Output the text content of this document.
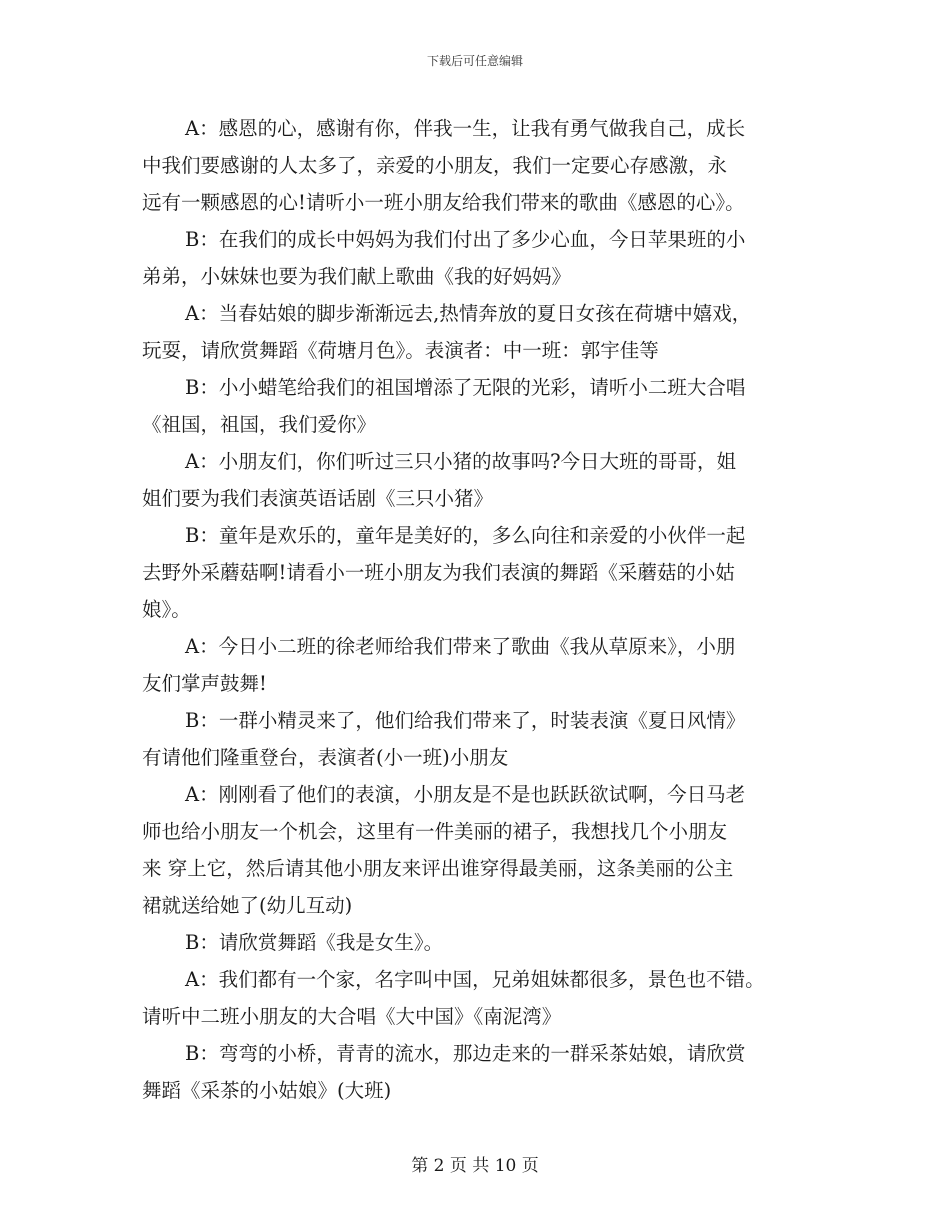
下载后可任意编辑
A：感恩的心，感谢有你，伴我一生，让我有勇气做我自己，成长
中我们要感谢的人太多了，亲爱的小朋友，我们一定要心存感激，永
远有一颗感恩的心!请听小一班小朋友给我们带来的歌曲《感恩的心》。
B：在我们的成长中妈妈为我们付出了多少心血，今日苹果班的小
弟弟，小妹妹也要为我们献上歌曲《我的好妈妈》
A：当春姑娘的脚步渐渐远去,热情奔放的夏日女孩在荷塘中嬉戏，
玩耍，请欣赏舞蹈《荷塘月色》。表演者：中一班：郭宇佳等
B：小小蜡笔给我们的祖国增添了无限的光彩，请听小二班大合唱
《祖国，祖国，我们爱你》
A：小朋友们，你们听过三只小猪的故事吗?今日大班的哥哥，姐
姐们要为我们表演英语话剧《三只小猪》
B：童年是欢乐的，童年是美好的，多么向往和亲爱的小伙伴一起
去野外采蘑菇啊!请看小一班小朋友为我们表演的舞蹈《采蘑菇的小姑
娘》。
A：今日小二班的徐老师给我们带来了歌曲《我从草原来》，小朋
友们掌声鼓舞!
B：一群小精灵来了，他们给我们带来了，时装表演《夏日风情》
有请他们隆重登台，表演者(小一班)小朋友
A：刚刚看了他们的表演，小朋友是不是也跃跃欲试啊，今日马老
师也给小朋友一个机会，这里有一件美丽的裙子，我想找几个小朋友
来 穿上它，然后请其他小朋友来评出谁穿得最美丽，这条美丽的公主
裙就送给她了(幼儿互动)
B：请欣赏舞蹈《我是女生》。
A：我们都有一个家，名字叫中国，兄弟姐妹都很多，景色也不错。
请听中二班小朋友的大合唱《大中国》《南泥湾》
B：弯弯的小桥，青青的流水，那边走来的一群采茶姑娘，请欣赏
舞蹈《采茶的小姑娘》(大班)
第 2 页 共 10 页
